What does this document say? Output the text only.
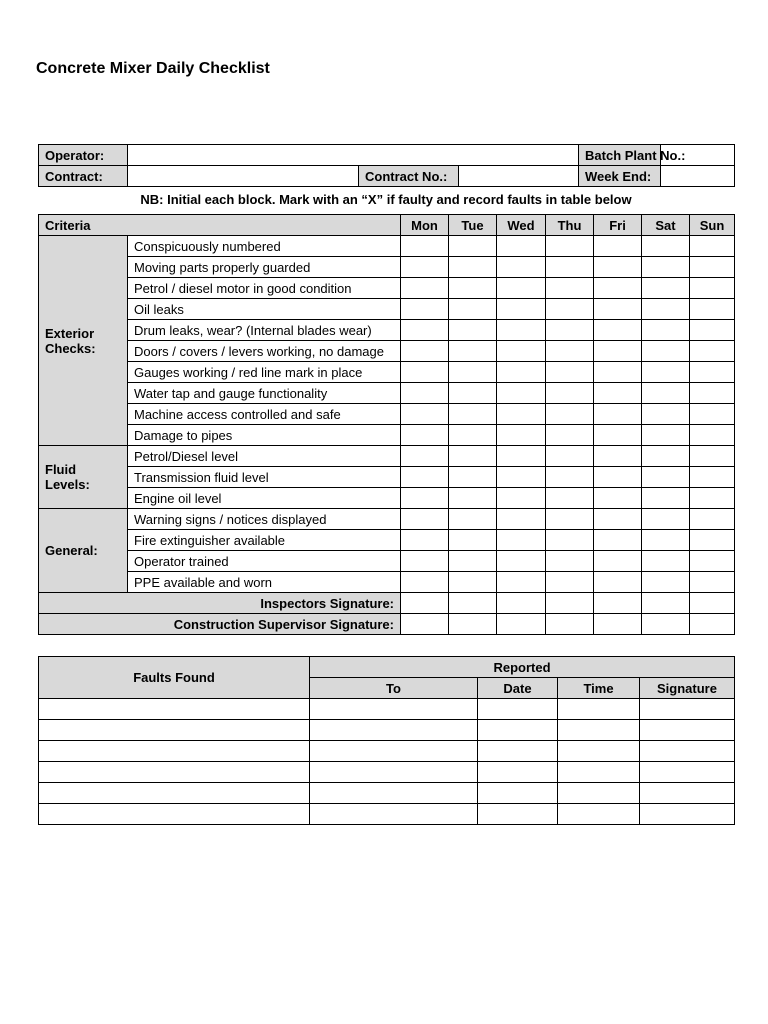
Concrete Mixer Daily Checklist
Operator:				Batch Plant No.:	
Contract:		Contract No.:		Week End:	
NB: Initial each block. Mark with an “X” if faulty and record faults in table below
Criteria		Mon	Tue	Wed	Thu	Fri	Sat	Sun
Exterior Checks:	Conspicuously numbered							
	Moving parts properly guarded							
	Petrol / diesel motor in good condition							
	Oil leaks							
	Drum leaks, wear? (Internal blades wear)							
	Doors / covers / levers working, no damage							
	Gauges working / red line mark in place							
	Water tap and gauge functionality							
	Machine access controlled and safe							
	Damage to pipes							
Fluid Levels:	Petrol/Diesel level							
	Transmission fluid level							
	Engine oil level							
General:	Warning signs / notices displayed							
	Fire extinguisher available							
	Operator trained							
	PPE available and worn							
Inspectors Signature:								
Construction Supervisor Signature:								
Faults Found	Reported			
	To	Date	Time	Signature
